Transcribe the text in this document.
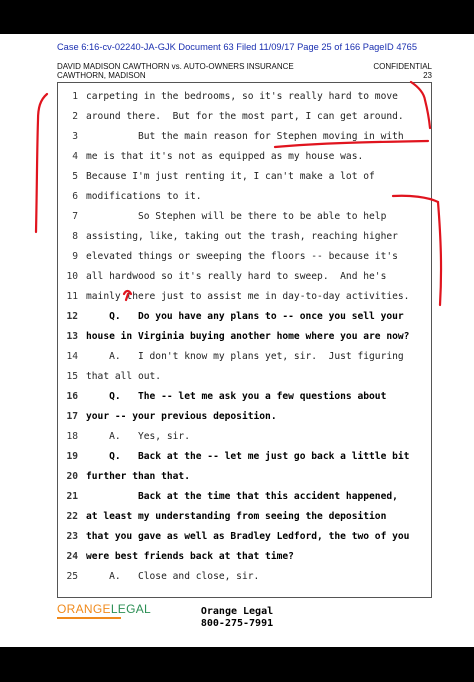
Case 6:16-cv-02240-JA-GJK Document 63 Filed 11/09/17 Page 25 of 166 PageID 4765
DAVID MADISON CAWTHORN vs. AUTO-OWNERS INSURANCE
CAWTHORN, MADISON
CONFIDENTIAL
23
1 carpeting in the bedrooms, so it's really hard to move
2 around there.  But for the most part, I can get around.
3         But the main reason for Stephen moving in with
4 me is that it's not as equipped as my house was.
5 Because I'm just renting it, I can't make a lot of
6 modifications to it.
7         So Stephen will be there to be able to help
8 assisting, like, taking out the trash, reaching higher
9 elevated things or sweeping the floors -- because it's
10 all hardwood so it's really hard to sweep.  And he's
11 mainly there just to assist me in day-to-day activities.
12    Q.   Do you have any plans to -- once you sell your
13 house in Virginia buying another home where you are now?
14    A.   I don't know my plans yet, sir.  Just figuring
15 that all out.
16    Q.   The -- let me ask you a few questions about
17 your -- your previous deposition.
18    A.   Yes, sir.
19    Q.   Back at the -- let me just go back a little bit
20 further than that.
21         Back at the time that this accident happened,
22 at least my understanding from seeing the deposition
23 that you gave as well as Bradley Ledford, the two of you
24 were best friends back at that time?
25    A.   Close and close, sir.
ORANGELEGAL	Orange Legal
800-275-7991
